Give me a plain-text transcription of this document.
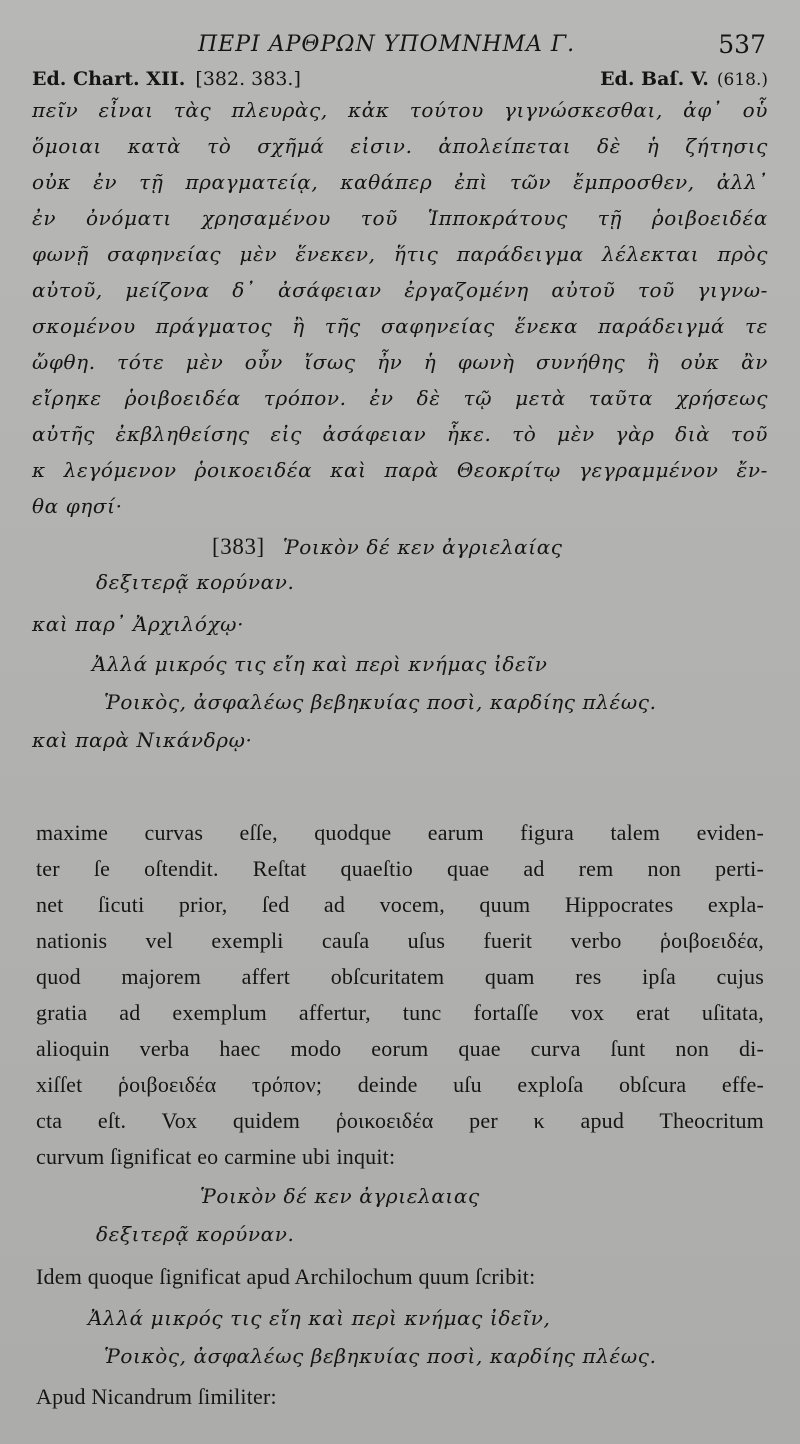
ΠΕΡΙ ΑΡΘΡΩΝ ΥΠΟΜΝΗΜΑ Γ.	537
Ed. Chart. XII. [382. 383.]	Ed. Baſ. V. (618.)
πεῖν εἶναι τὰς πλευρὰς, κἀκ τούτου γιγνώσκεσθαι, ἀφ᾽ οὗ
ὅμοιαι κατὰ τὸ σχῆμά εἰσιν. ἀπολείπεται δὲ ἡ ζήτησις
οὐκ ἐν τῇ πραγματείᾳ, καθάπερ ἐπὶ τῶν ἔμπροσθεν, ἀλλ᾽
ἐν ὀνόματι χρησαμένου τοῦ Ἱπποκράτους τῇ ῥοιβοειδέα
φωνῇ σαφηνείας μὲν ἕνεκεν, ἥτις παράδειγμα λέλεκται πρὸς
αὐτοῦ, μείζονα δ᾽ ἀσάφειαν ἐργαζομένη αὐτοῦ τοῦ γιγνω-
σκομένου πράγματος ἢ τῆς σαφηνείας ἕνεκα παράδειγμά τε
ὤφθη. τότε μὲν οὖν ἴσως ἦν ἡ φωνὴ συνήθης ἢ οὐκ ἂν
εἴρηκε ῥοιβοειδέα τρόπον. ἐν δὲ τῷ μετὰ ταῦτα χρήσεως
αὐτῆς ἐκβληθείσης εἰς ἀσάφειαν ἧκε. τὸ μὲν γὰρ διὰ τοῦ
κ λεγόμενον ῥοικοειδέα καὶ παρὰ Θεοκρίτῳ γεγραμμένον ἔν-
θα φησί·
[383] Ῥοικὸν δέ κεν ἀγριελαίας
δεξιτερᾷ κορύναν.
καὶ παρ᾽ Ἀρχιλόχῳ·
Ἀλλά μικρός τις εἴη καὶ περὶ κνήμας ἰδεῖν
Ῥοικὸς, ἀσφαλέως βεβηκυίας ποσὶ, καρδίης πλέως.
καὶ παρὰ Νικάνδρῳ·
maxime curvas eſſe, quodque earum figura talem eviden-
ter ſe oſtendit. Reſtat quaeſtio quae ad rem non perti-
net ſicuti prior, ſed ad vocem, quum Hippocrates expla-
nationis vel exempli cauſa uſus fuerit verbo ῥοιβοειδέα,
quod majorem affert obſcuritatem quam res ipſa cujus
gratia ad exemplum affertur, tunc fortaſſe vox erat uſitata,
alioquin verba haec modo eorum quae curva ſunt non di-
xiſſet ῥοιβοειδέα τρόπον; deinde uſu exploſa obſcura effe-
cta eſt. Vox quidem ῥοικοειδέα per κ apud Theocritum
curvum ſignificat eo carmine ubi inquit:
Ῥοικὸν δέ κεν ἀγριελαιας
δεξιτερᾷ κορύναν.
Idem quoque ſignificat apud Archilochum quum ſcribit:
Ἀλλά μικρός τις εἴη καὶ περὶ κνήμας ἰδεῖν,
Ῥοικὸς, ἀσφαλέως βεβηκυίας ποσὶ, καρδίης πλέως.
Apud Nicandrum ſimiliter:
